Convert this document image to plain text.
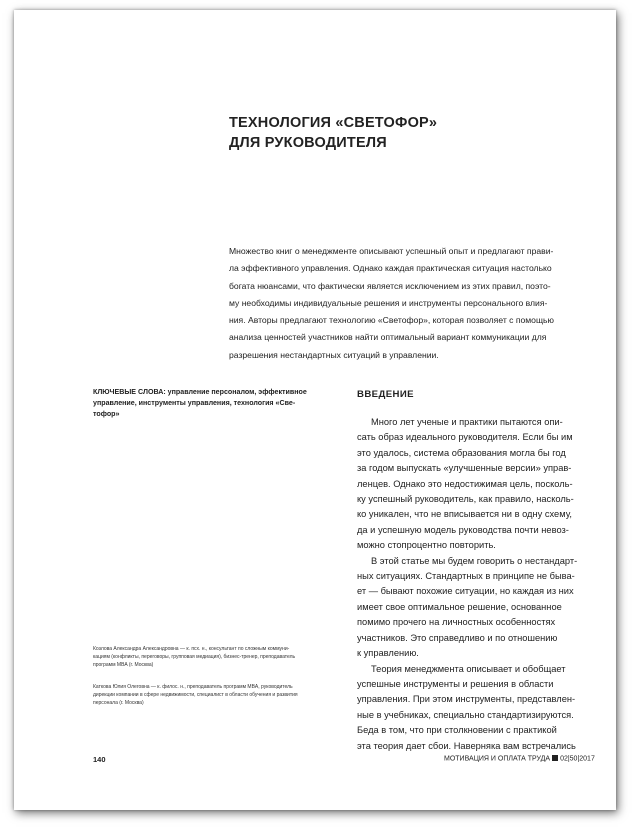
ТЕХНОЛОГИЯ «СВЕТОФОР»
ДЛЯ РУКОВОДИТЕЛЯ
Множество книг о менеджменте описывают успешный опыт и предлагают прави-
ла эффективного управления. Однако каждая практическая ситуация настолько
богата нюансами, что фактически является исключением из этих правил, поэто-
му необходимы индивидуальные решения и инструменты персонального влия-
ния. Авторы предлагают технологию «Светофор», которая позволяет с помощью
анализа ценностей участников найти оптимальный вариант коммуникации для
разрешения нестандартных ситуаций в управлении.
КЛЮЧЕВЫЕ СЛОВА: управление персоналом, эффективное
управление, инструменты управления, технология «Све-
тофор»
Козлова Александра Александровна — к. псх. н., консультант по сложным коммуни-
кациям (конфликты, переговоры, групповая медиация), бизнес-тренер, преподаватель
программ MBA (г. Москва)
Каткова Юлия Олеговна — к. филос. н., преподаватель программ MBA, руководитель
дирекции компании в сфере недвижимости, специалист в области обучения и развития
персонала (г. Москва)
ВВЕДЕНИЕ
Много лет ученые и практики пытаются опи-
сать образ идеального руководителя. Если бы им
это удалось, система образования могла бы год
за годом выпускать «улучшенные версии» управ-
ленцев. Однако это недостижимая цель, посколь-
ку успешный руководитель, как правило, насколь-
ко уникален, что не вписывается ни в одну схему,
да и успешную модель руководства почти невоз-
можно стопроцентно повторить.
В этой статье мы будем говорить о нестандарт-
ных ситуациях. Стандартных в принципе не быва-
ет — бывают похожие ситуации, но каждая из них
имеет свое оптимальное решение, основанное
помимо прочего на личностных особенностях
участников. Это справедливо и по отношению
к управлению.
Теория менеджмента описывает и обобщает
успешные инструменты и решения в области
управления. При этом инструменты, представлен-
ные в учебниках, специально стандартизируются.
Беда в том, что при столкновении с практикой
эта теория дает сбои. Наверняка вам встречались
140	МОТИВАЦИЯ И ОПЛАТА ТРУДА 02|50|2017
